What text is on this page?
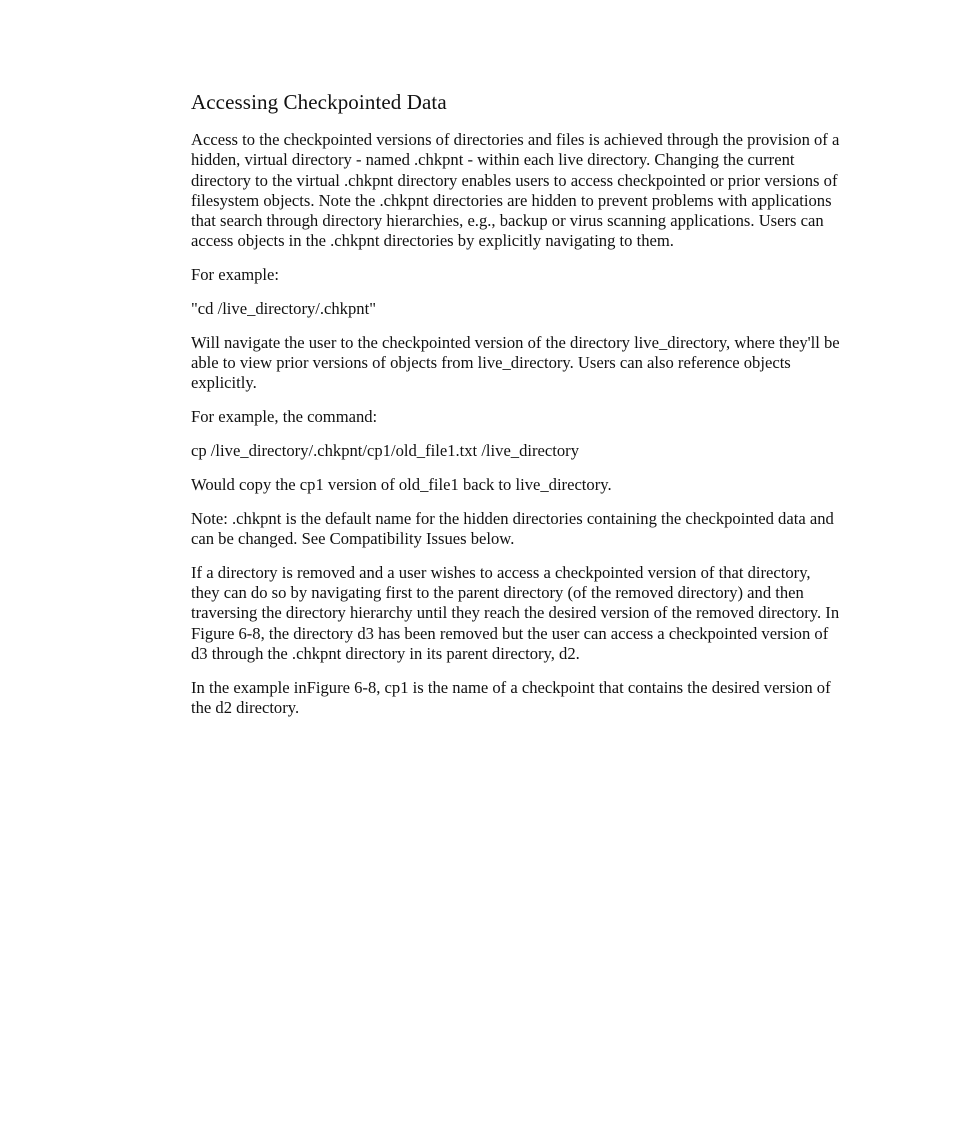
Accessing Checkpointed Data

Access to the checkpointed versions of directories and files is achieved through the provision of a hidden, virtual directory - named .chkpnt - within each live directory. Changing the current directory to the virtual .chkpnt directory enables users to access checkpointed or prior versions of filesystem objects. Note the .chkpnt directories are hidden to prevent problems with applications that search through directory hierarchies, e.g., backup or virus scanning applications. Users can access objects in the .chkpnt directories by explicitly navigating to them.

For example:

"cd /live_directory/.chkpnt"

Will navigate the user to the checkpointed version of the directory live_directory, where they'll be able to view prior versions of objects from live_directory. Users can also reference objects explicitly.

For example, the command:

cp /live_directory/.chkpnt/cp1/old_file1.txt /live_directory

Would copy the cp1 version of old_file1 back to live_directory.

Note: .chkpnt is the default name for the hidden directories containing the checkpointed data and can be changed. See Compatibility Issues below.

If a directory is removed and a user wishes to access a checkpointed version of that directory, they can do so by navigating first to the parent directory (of the removed directory) and then traversing the directory hierarchy until they reach the desired version of the removed directory. In Figure 6-8, the directory d3 has been removed but the user can access a checkpointed version of d3 through the .chkpnt directory in its parent directory, d2.

In the example inFigure 6-8, cp1 is the name of a checkpoint that contains the desired version of the d2 directory.
